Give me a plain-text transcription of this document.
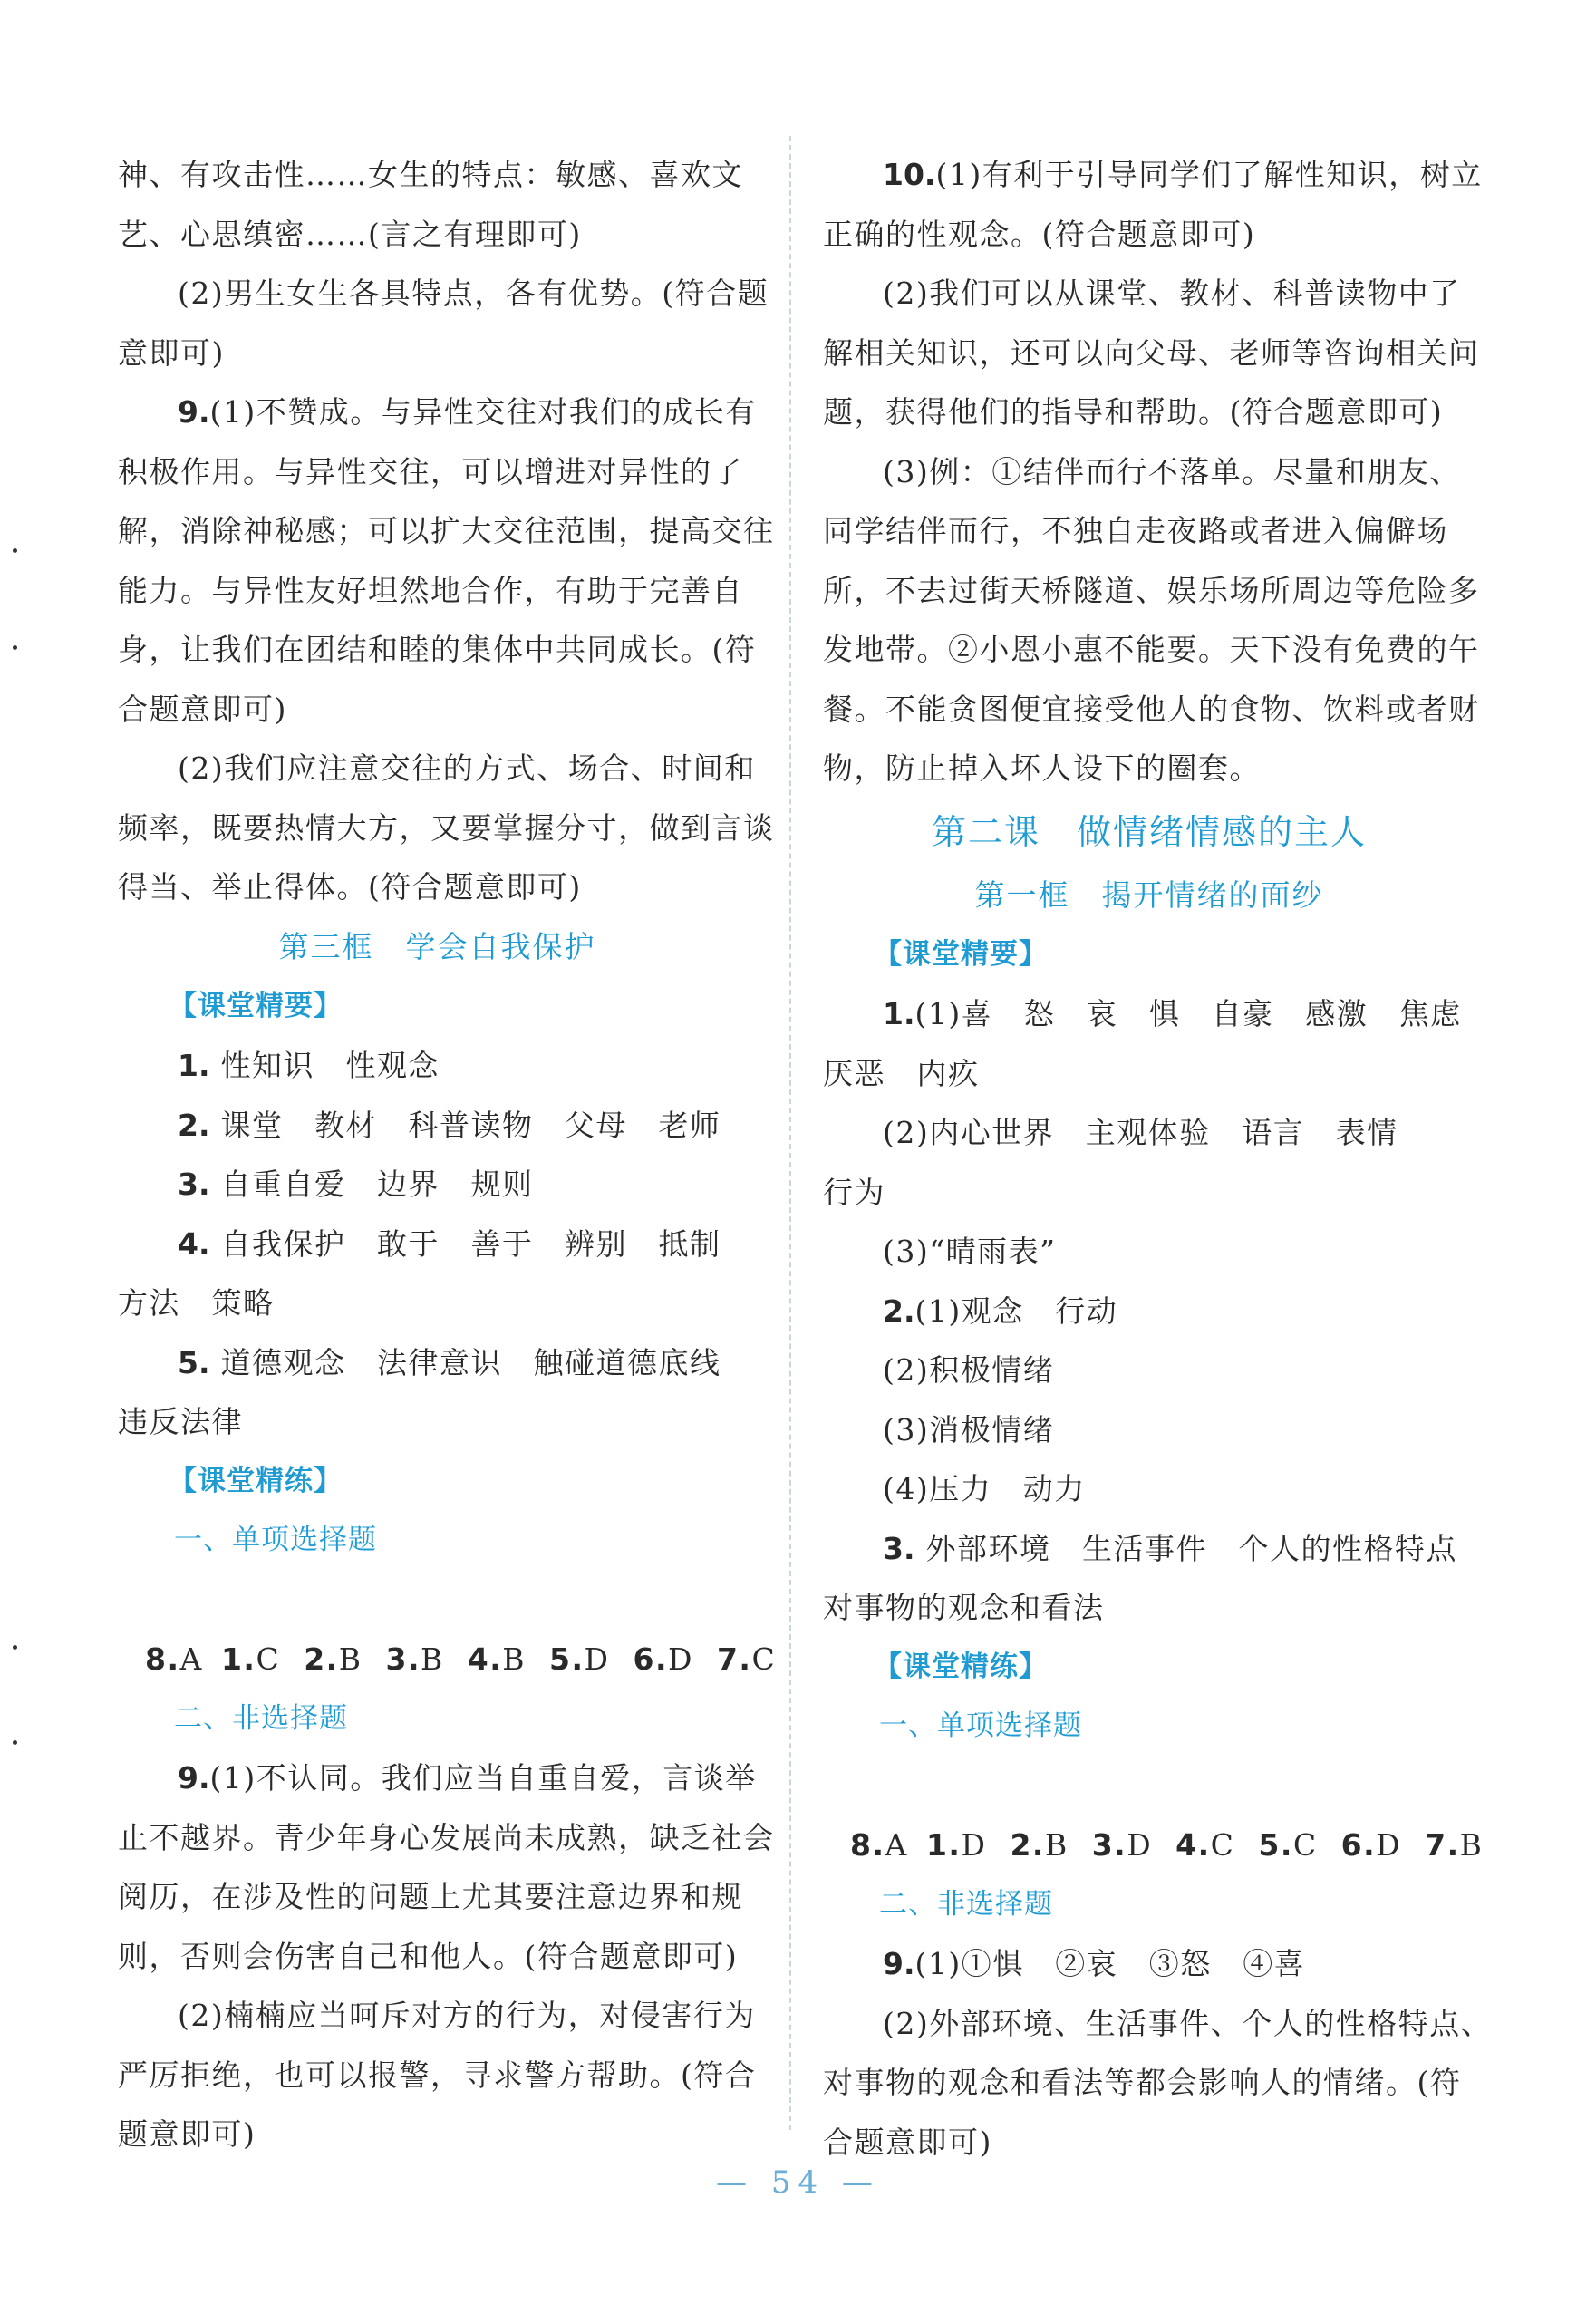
神、有攻击性……女生的特点：敏感、喜欢文
艺、心思缜密……(言之有理即可)
(2)男生女生各具特点，各有优势。(符合题
意即可)
9.(1)不赞成。与异性交往对我们的成长有
积极作用。与异性交往，可以增进对异性的了
解，消除神秘感；可以扩大交往范围，提高交往
能力。与异性友好坦然地合作，有助于完善自
身，让我们在团结和睦的集体中共同成长。(符
合题意即可)
(2)我们应注意交往的方式、场合、时间和
频率，既要热情大方，又要掌握分寸，做到言谈
得当、举止得体。(符合题意即可)
第三框　学会自我保护
【课堂精要】
1. 性知识　性观念
2. 课堂　教材　科普读物　父母　老师
3. 自重自爱　边界　规则
4. 自我保护　敢于　善于　辨别　抵制
方法　策略
5. 道德观念　法律意识　触碰道德底线
违反法律
【课堂精练】
一、单项选择题

1.C 2.B 3.B 4.B 5.D 6.D 7.C

8.A
二、非选择题
9.(1)不认同。我们应当自重自爱，言谈举
止不越界。青少年身心发展尚未成熟，缺乏社会
阅历，在涉及性的问题上尤其要注意边界和规
则，否则会伤害自己和他人。(符合题意即可)
(2)楠楠应当呵斥对方的行为，对侵害行为
严厉拒绝，也可以报警，寻求警方帮助。(符合
题意即可)
10.(1)有利于引导同学们了解性知识，树立
正确的性观念。(符合题意即可)
(2)我们可以从课堂、教材、科普读物中了
解相关知识，还可以向父母、老师等咨询相关问
题，获得他们的指导和帮助。(符合题意即可)
(3)例：①结伴而行不落单。尽量和朋友、
同学结伴而行，不独自走夜路或者进入偏僻场
所，不去过街天桥隧道、娱乐场所周边等危险多
发地带。②小恩小惠不能要。天下没有免费的午
餐。不能贪图便宜接受他人的食物、饮料或者财
物，防止掉入坏人设下的圈套。
第二课　做情绪情感的主人
第一框　揭开情绪的面纱
【课堂精要】
1.(1)喜　怒　哀　惧　自豪　感激　焦虑
厌恶　内疚
(2)内心世界　主观体验　语言　表情
行为
(3)“晴雨表”
2.(1)观念　行动
(2)积极情绪
(3)消极情绪
(4)压力　动力
3. 外部环境　生活事件　个人的性格特点
对事物的观念和看法
【课堂精练】
一、单项选择题

1.D 2.B 3.D 4.C 5.C 6.D 7.B

8.A
二、非选择题
9.(1)①惧　②哀　③怒　④喜
(2)外部环境、生活事件、个人的性格特点、
对事物的观念和看法等都会影响人的情绪。(符
合题意即可)
— 54 —
